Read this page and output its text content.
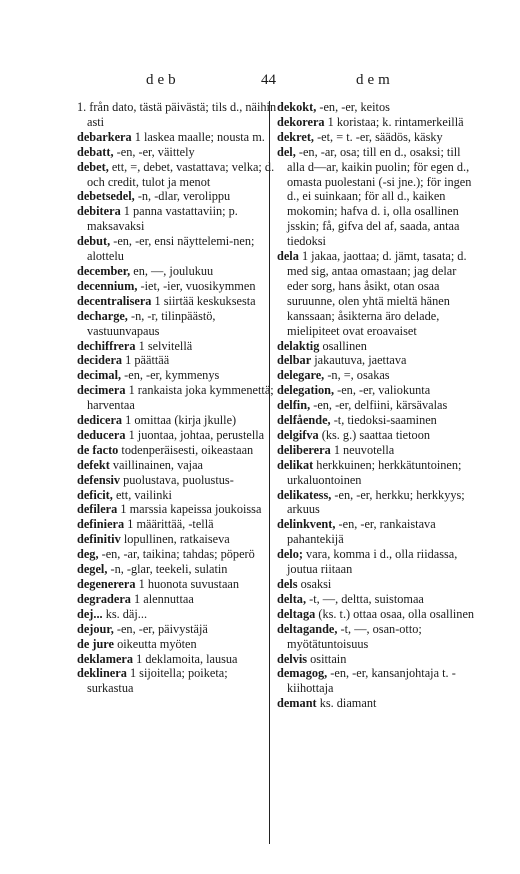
deb	44	dem
1. från dato, tästä päivästä; tils d., näihin asti
debarkera 1 laskea maalle; nousta m.
debatt, -en, -er, väittely
debet, ett, =, debet, vastattava; velka; d. och credit, tulot ja menot
debetsedel, -n, -dlar, verolippu
debitera 1 panna vastattaviin; p. maksavaksi
debut, -en, -er, ensi näyttelemi-nen; alottelu
december, en, —, joulukuu
decennium, -iet, -ier, vuosikymmen
decentralisera 1 siirtää keskuksesta
decharge, -n, -r, tilinpäästö, vastuunvapaus
dechiffrera 1 selvitellä
decidera 1 päättää
decimal, -en, -er, kymmenys
decimera 1 rankaista joka kymmenettä; harventaa
dedicera 1 omittaa (kirja jkulle)
deducera 1 juontaa, johtaa, perustella
de facto todenperäisesti, oikeastaan
defekt vaillinainen, vajaa
defensiv puolustava, puolustus-
deficit, ett, vailinki
defilera 1 marssia kapeissa joukoissa
definiera 1 määrittää, -tellä
definitiv lopullinen, ratkaiseva
deg, -en, -ar, taikina; tahdas; pöperö
degel, -n, -glar, teekeli, sulatin
degenerera 1 huonota suvustaan
degradera 1 alennuttaa
dej... ks. däj...
dejour, -en, -er, päivystäjä
de jure oikeutta myöten
deklamera 1 deklamoita, lausua
deklinera 1 sijoitella; poiketa; surkastua
dekokt, -en, -er, keitos
dekorera 1 koristaa; k. rintamerkeillä
dekret, -et, = t. -er, säädös, käsky
del, -en, -ar, osa; till en d., osaksi; till alla d—ar, kaikin puolin; för egen d., omasta puolestani (-si jne.); för ingen d., ei suinkaan; för all d., kaiken mokomin; hafva d. i, olla osallinen jsskin; få, gifva del af, saada, antaa tiedoksi
dela 1 jakaa, jaottaa; d. jämt, tasata; d. med sig, antaa omastaan; jag delar eder sorg, hans åsikt, otan osaa suruunne, olen yhtä mieltä hänen kanssaan; åsikterna äro delade, mielipiteet ovat eroavaiset
delaktig osallinen
delbar jakautuva, jaettava
delegare, -n, =, osakas
delegation, -en, -er, valiokunta
delfin, -en, -er, delfiini, kärsävalas
delfående, -t, tiedoksi-saaminen
delgifva (ks. g.) saattaa tietoon
deliberera 1 neuvotella
delikat herkkuinen; herkkätuntoinen; urkaluontoinen
delikatess, -en, -er, herkku; herkkyys; arkuus
delinkvent, -en, -er, rankaistava pahantekijä
delo; vara, komma i d., olla riidassa, joutua riitaan
dels osaksi
delta, -t, —, deltta, suistomaa
deltaga (ks. t.) ottaa osaa, olla osallinen
deltagande, -t, —, osan-otto; myötätuntoisuus
delvis osittain
demagog, -en, -er, kansanjohtaja t. -kiihottaja
demant ks. diamant
